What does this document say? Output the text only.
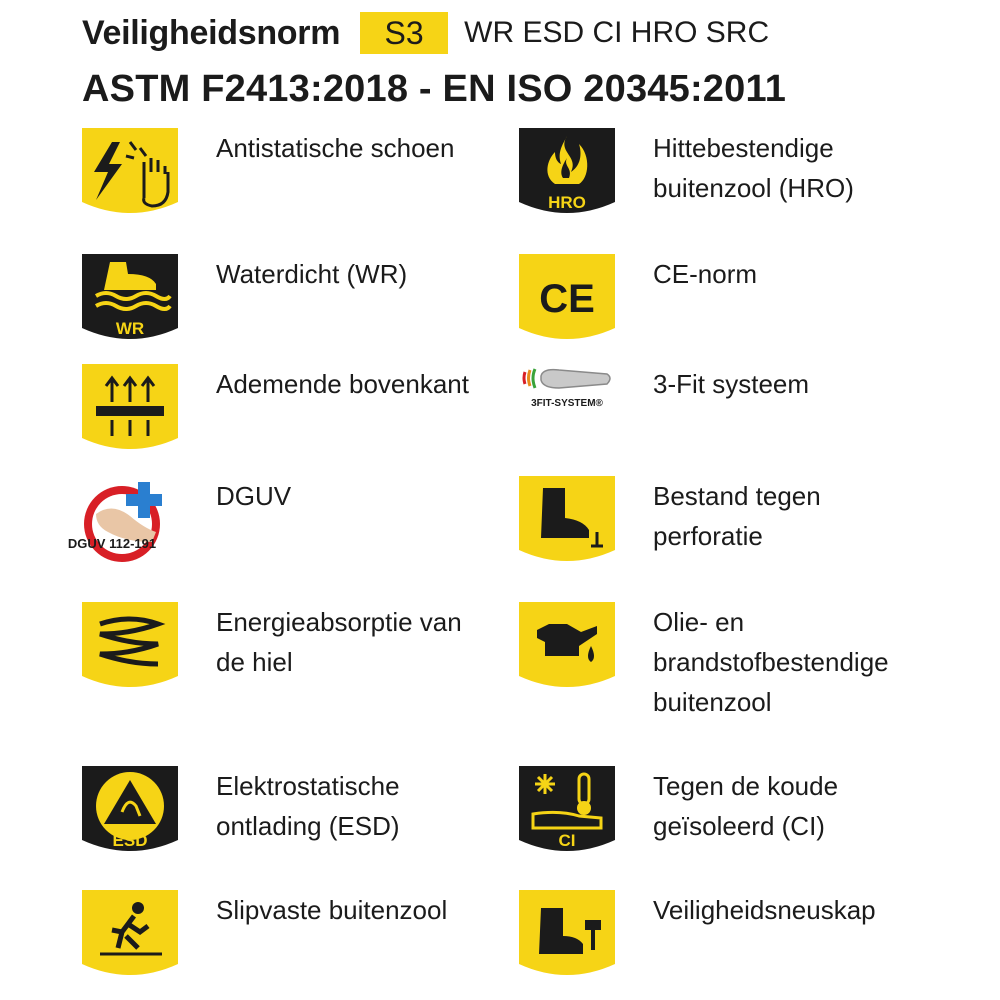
Veiligheidsnorm	S3	WR ESD CI HRO SRC
ASTM F2413:2018 - EN ISO 20345:2011
Antistatische schoen
HRO
Hittebestendige
buitenzool (HRO)
WR
Waterdicht (WR)
CE
CE-norm
Ademende bovenkant
3FIT-SYSTEM®
3-Fit systeem
DGUV 112-191
DGUV	Bestand tegen
perforatie
Energieabsorptie van
de hiel
Olie- en
brandstofbestendige
buitenzool
ESD
Elektrostatische
ontlading (ESD)	CI
Tegen de koude
geïsoleerd (CI)
Slipvaste buitenzool	Veiligheidsneuskap
